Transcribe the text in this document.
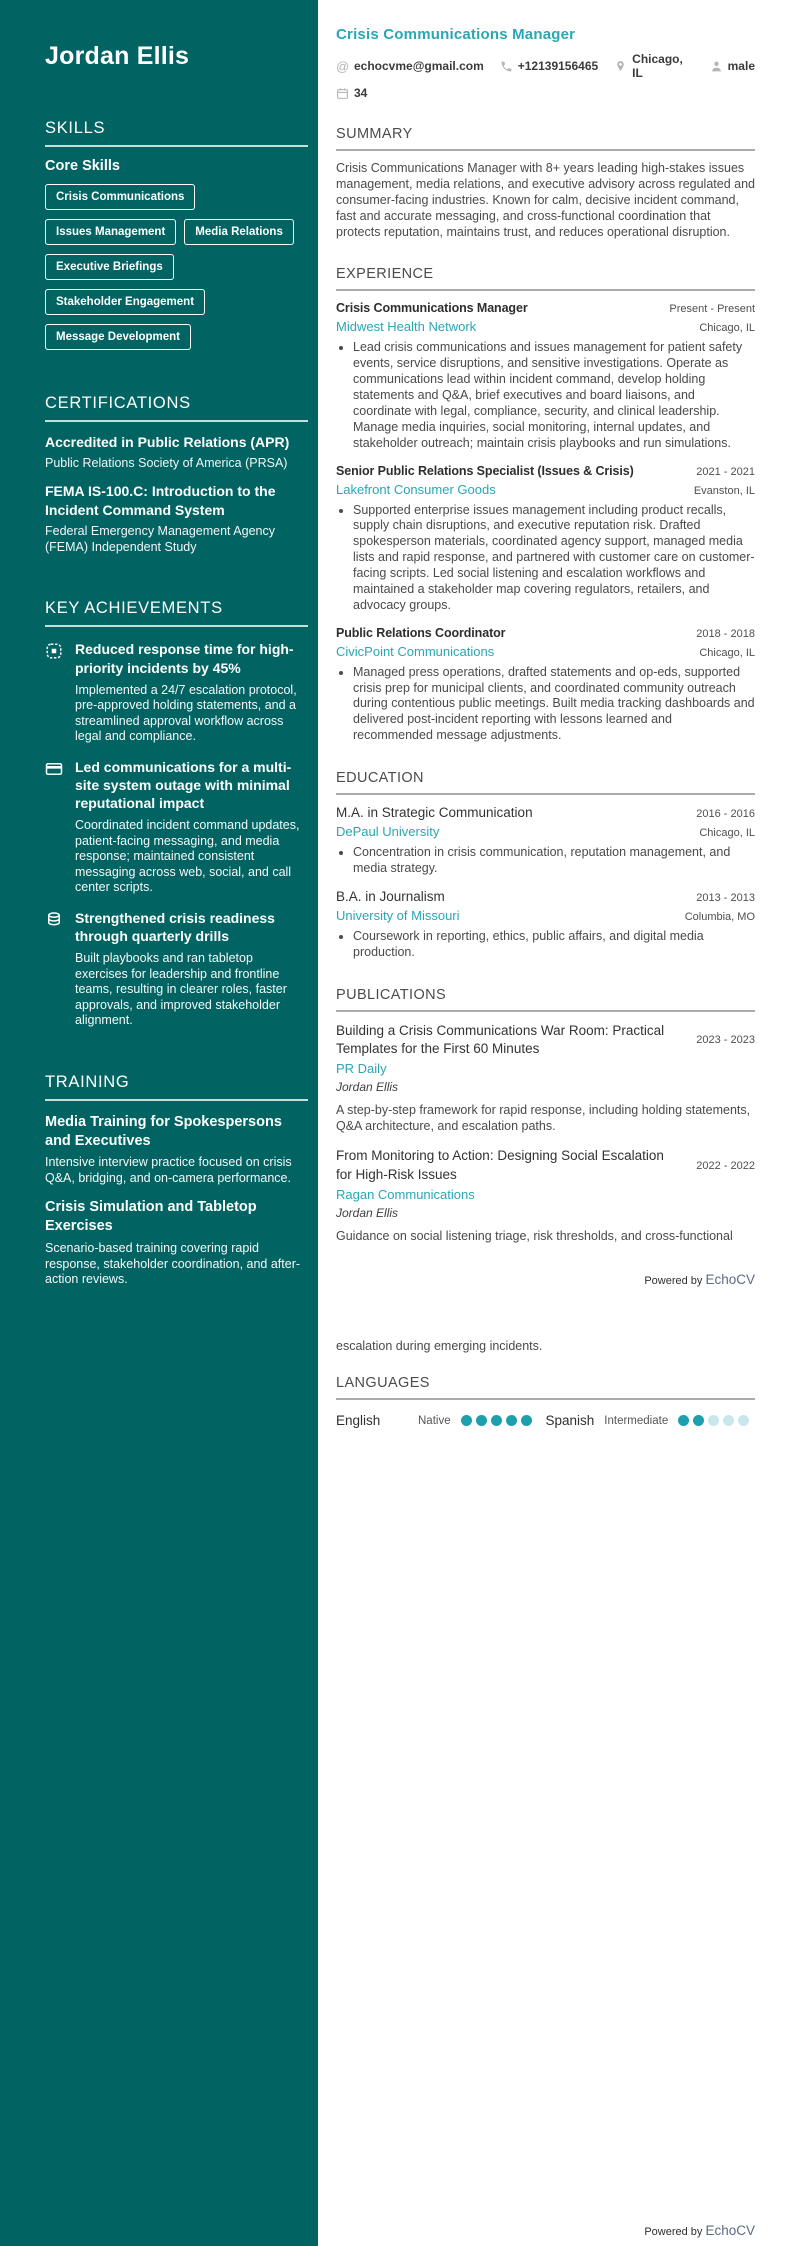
Jordan Ellis
SKILLS
Core Skills
Crisis Communications
Issues Management	Media Relations
Executive Briefings
Stakeholder Engagement
Message Development
CERTIFICATIONS
Accredited in Public Relations (APR)
Public Relations Society of America (PRSA)
FEMA IS-100.C: Introduction to the Incident Command System
Federal Emergency Management Agency (FEMA) Independent Study
KEY ACHIEVEMENTS
Reduced response time for high-priority incidents by 45%
Implemented a 24/7 escalation protocol, pre-approved holding statements, and a streamlined approval workflow across legal and compliance.
Led communications for a multi-site system outage with minimal reputational impact
Coordinated incident command updates, patient-facing messaging, and media response; maintained consistent messaging across web, social, and call center scripts.
Strengthened crisis readiness through quarterly drills
Built playbooks and ran tabletop exercises for leadership and frontline teams, resulting in clearer roles, faster approvals, and improved stakeholder alignment.
TRAINING
Media Training for Spokespersons and Executives
Intensive interview practice focused on crisis Q&A, bridging, and on-camera performance.
Crisis Simulation and Tabletop Exercises
Scenario-based training covering rapid response, stakeholder coordination, and after-action reviews.
Crisis Communications Manager
@ echocvme@gmail.com	+12139156465	Chicago, IL	male
34
SUMMARY

Crisis Communications Manager with 8+ years leading high-stakes issues management, media relations, and executive advisory across regulated and consumer-facing industries. Known for calm, decisive incident command, fast and accurate messaging, and cross-functional coordination that protects reputation, maintains trust, and reduces operational disruption.

EXPERIENCE
Crisis Communications Manager	Present - Present
Midwest Health Network	Chicago, IL
• Lead crisis communications and issues management for patient safety events, service disruptions, and sensitive investigations. Operate as communications lead within incident command, develop holding statements and Q&A, brief executives and board liaisons, and coordinate with legal, compliance, security, and clinical leadership. Manage media inquiries, social monitoring, internal updates, and stakeholder outreach; maintain crisis playbooks and run simulations.
Senior Public Relations Specialist (Issues & Crisis)	2021 - 2021
Lakefront Consumer Goods	Evanston, IL
• Supported enterprise issues management including product recalls, supply chain disruptions, and executive reputation risk. Drafted spokesperson materials, coordinated agency support, managed media lists and rapid response, and partnered with customer care on customer-facing scripts. Led social listening and escalation workflows and maintained a stakeholder map covering regulators, retailers, and advocacy groups.
Public Relations Coordinator	2018 - 2018
CivicPoint Communications	Chicago, IL
• Managed press operations, drafted statements and op-eds, supported crisis prep for municipal clients, and coordinated community outreach during contentious public meetings. Built media tracking dashboards and delivered post-incident reporting with lessons learned and recommended message adjustments.
EDUCATION
M.A. in Strategic Communication	2016 - 2016
DePaul University	Chicago, IL
• Concentration in crisis communication, reputation management, and media strategy.
B.A. in Journalism	2013 - 2013
University of Missouri	Columbia, MO
• Coursework in reporting, ethics, public affairs, and digital media production.
PUBLICATIONS
Building a Crisis Communications War Room: Practical Templates for the First 60 Minutes
2023 - 2023
PR Daily
Jordan Ellis
A step-by-step framework for rapid response, including holding statements, Q&A architecture, and escalation paths.
From Monitoring to Action: Designing Social Escalation for High-Risk Issues
2022 - 2022
Ragan Communications
Jordan Ellis
Guidance on social listening triage, risk thresholds, and cross-functional
Powered by EchoCV

escalation during emerging incidents.

LANGUAGES
English	Native	Spanish Intermediate
Powered by EchoCV
